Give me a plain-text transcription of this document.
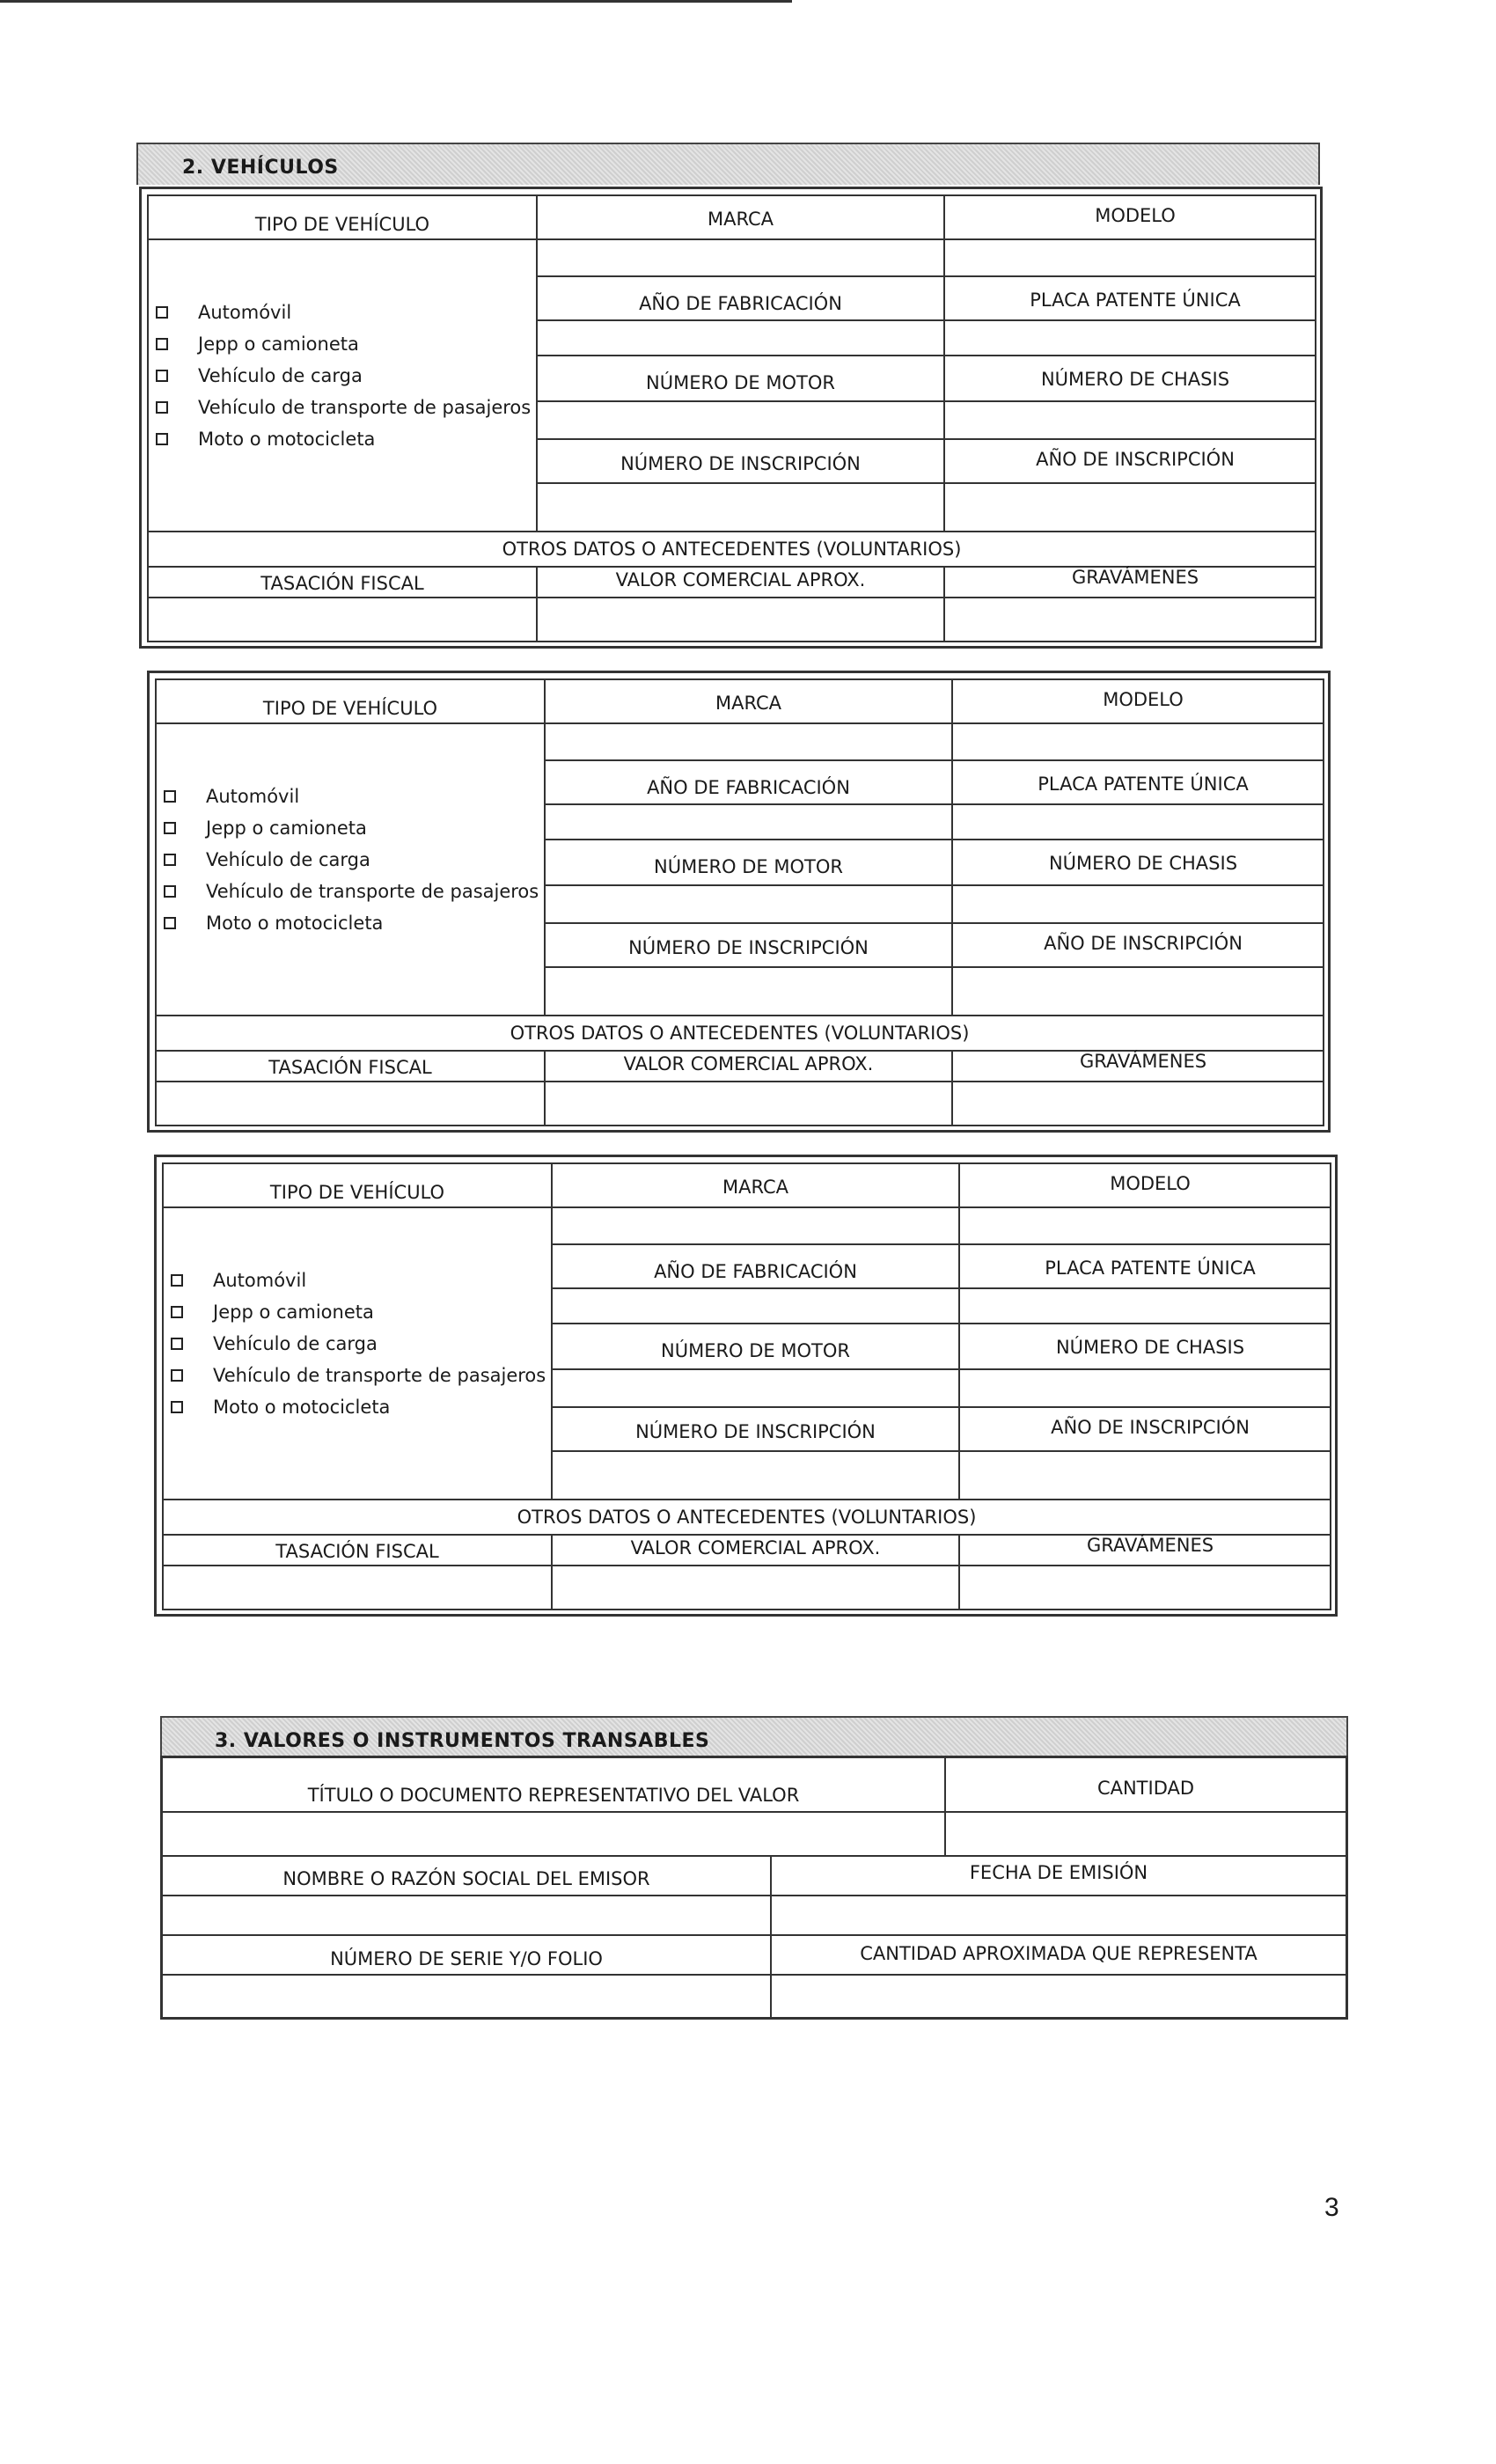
2. VEHÍCULOS
TIPO DE VEHÍCULO	MARCA	MODELO
AÑO DE FABRICACIÓN	PLACA PATENTE ÚNICA
NÚMERO DE MOTOR	NÚMERO DE CHASIS
NÚMERO DE INSCRIPCIÓN	AÑO DE INSCRIPCIÓN
OTROS DATOS O ANTECEDENTES (VOLUNTARIOS)
TASACIÓN FISCAL	VALOR COMERCIAL APROX.	GRAVÁMENES
Automóvil
Jepp o camioneta
Vehículo de carga
Vehículo de transporte de pasajeros
Moto o motocicleta
TIPO DE VEHÍCULO	MARCA	MODELO
AÑO DE FABRICACIÓN	PLACA PATENTE ÚNICA
NÚMERO DE MOTOR	NÚMERO DE CHASIS
NÚMERO DE INSCRIPCIÓN	AÑO DE INSCRIPCIÓN
OTROS DATOS O ANTECEDENTES (VOLUNTARIOS)
TASACIÓN FISCAL	VALOR COMERCIAL APROX.	GRAVÁMENES
Automóvil
Jepp o camioneta
Vehículo de carga
Vehículo de transporte de pasajeros
Moto o motocicleta
TIPO DE VEHÍCULO	MARCA	MODELO
AÑO DE FABRICACIÓN	PLACA PATENTE ÚNICA
NÚMERO DE MOTOR	NÚMERO DE CHASIS
NÚMERO DE INSCRIPCIÓN	AÑO DE INSCRIPCIÓN
OTROS DATOS O ANTECEDENTES (VOLUNTARIOS)
TASACIÓN FISCAL	VALOR COMERCIAL APROX.	GRAVÁMENES
Automóvil
Jepp o camioneta
Vehículo de carga
Vehículo de transporte de pasajeros
Moto o motocicleta
3. VALORES O INSTRUMENTOS TRANSABLES
TÍTULO O DOCUMENTO REPRESENTATIVO DEL VALOR	CANTIDAD
NOMBRE O RAZÓN SOCIAL DEL EMISOR	FECHA DE EMISIÓN
NÚMERO DE SERIE Y/O FOLIO	CANTIDAD APROXIMADA QUE REPRESENTA
3
